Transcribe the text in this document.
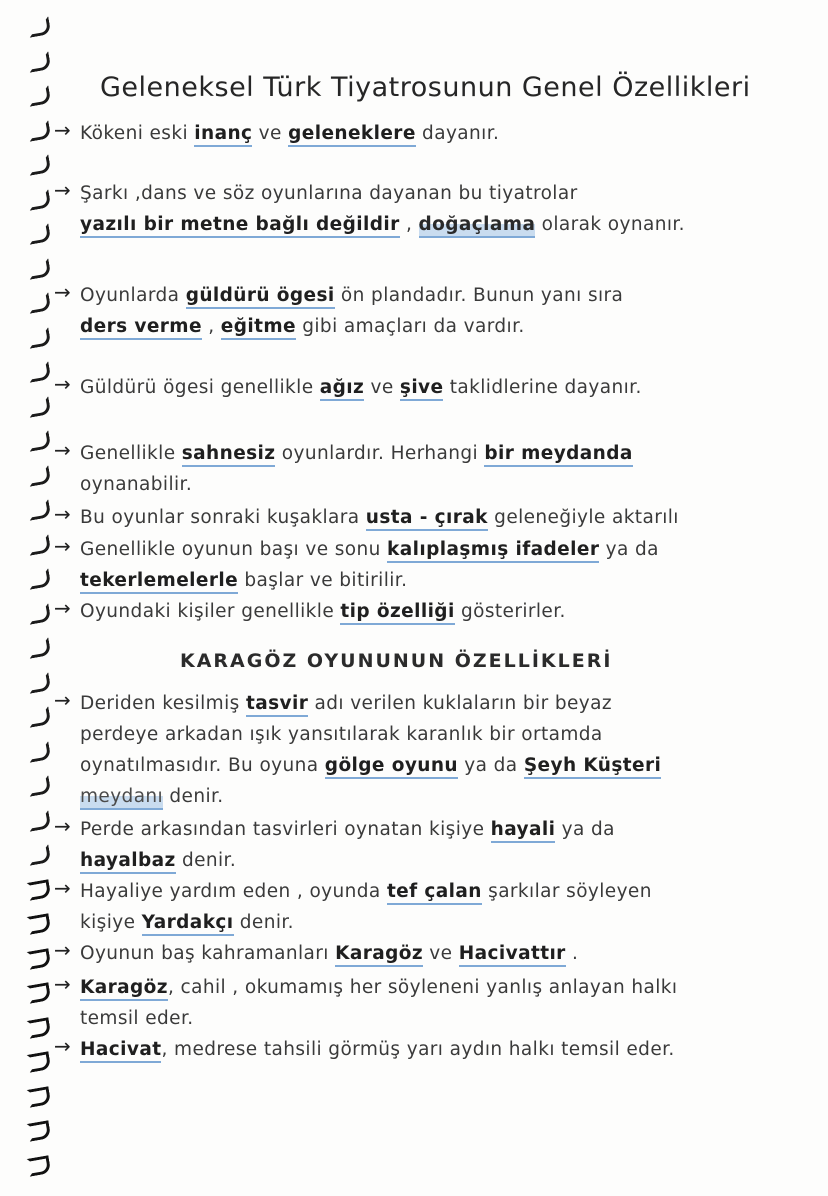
Geleneksel Türk Tiyatrosunun Genel Özellikleri
→ Kökeni eski inanç ve geleneklere dayanır.
→ Şarkı ,dans ve söz oyunlarına dayanan bu tiyatrolar
yazılı bir metne bağlı değildir , doğaçlama olarak oynanır.
→ Oyunlarda güldürü ögesi ön plandadır. Bunun yanı sıra
ders verme , eğitme gibi amaçları da vardır.
→ Güldürü ögesi genellikle ağız ve şive taklidlerine dayanır.
→ Genellikle sahnesiz oyunlardır. Herhangi bir meydanda
oynanabilir.
→ Bu oyunlar sonraki kuşaklara usta - çırak geleneğiyle aktarılı
→ Genellikle oyunun başı ve sonu kalıplaşmış ifadeler ya da
tekerlemelerle başlar ve bitirilir.
→ Oyundaki kişiler genellikle tip özelliği gösterirler.
KARAGÖZ OYUNUNUN ÖZELLİKLERİ
→ Deriden kesilmiş tasvir adı verilen kuklaların bir beyaz
perdeye arkadan ışık yansıtılarak karanlık bir ortamda
oynatılmasıdır. Bu oyuna gölge oyunu ya da Şeyh Küşteri
meydanı denir.
→ Perde arkasından tasvirleri oynatan kişiye hayali ya da
hayalbaz denir.
→ Hayaliye yardım eden , oyunda tef çalan şarkılar söyleyen
kişiye Yardakçı denir.
→ Oyunun baş kahramanları Karagöz ve Hacivattır .
→ Karagöz, cahil , okumamış her söyleneni yanlış anlayan halkı
temsil eder.
→ Hacivat, medrese tahsili görmüş yarı aydın halkı temsil eder.
